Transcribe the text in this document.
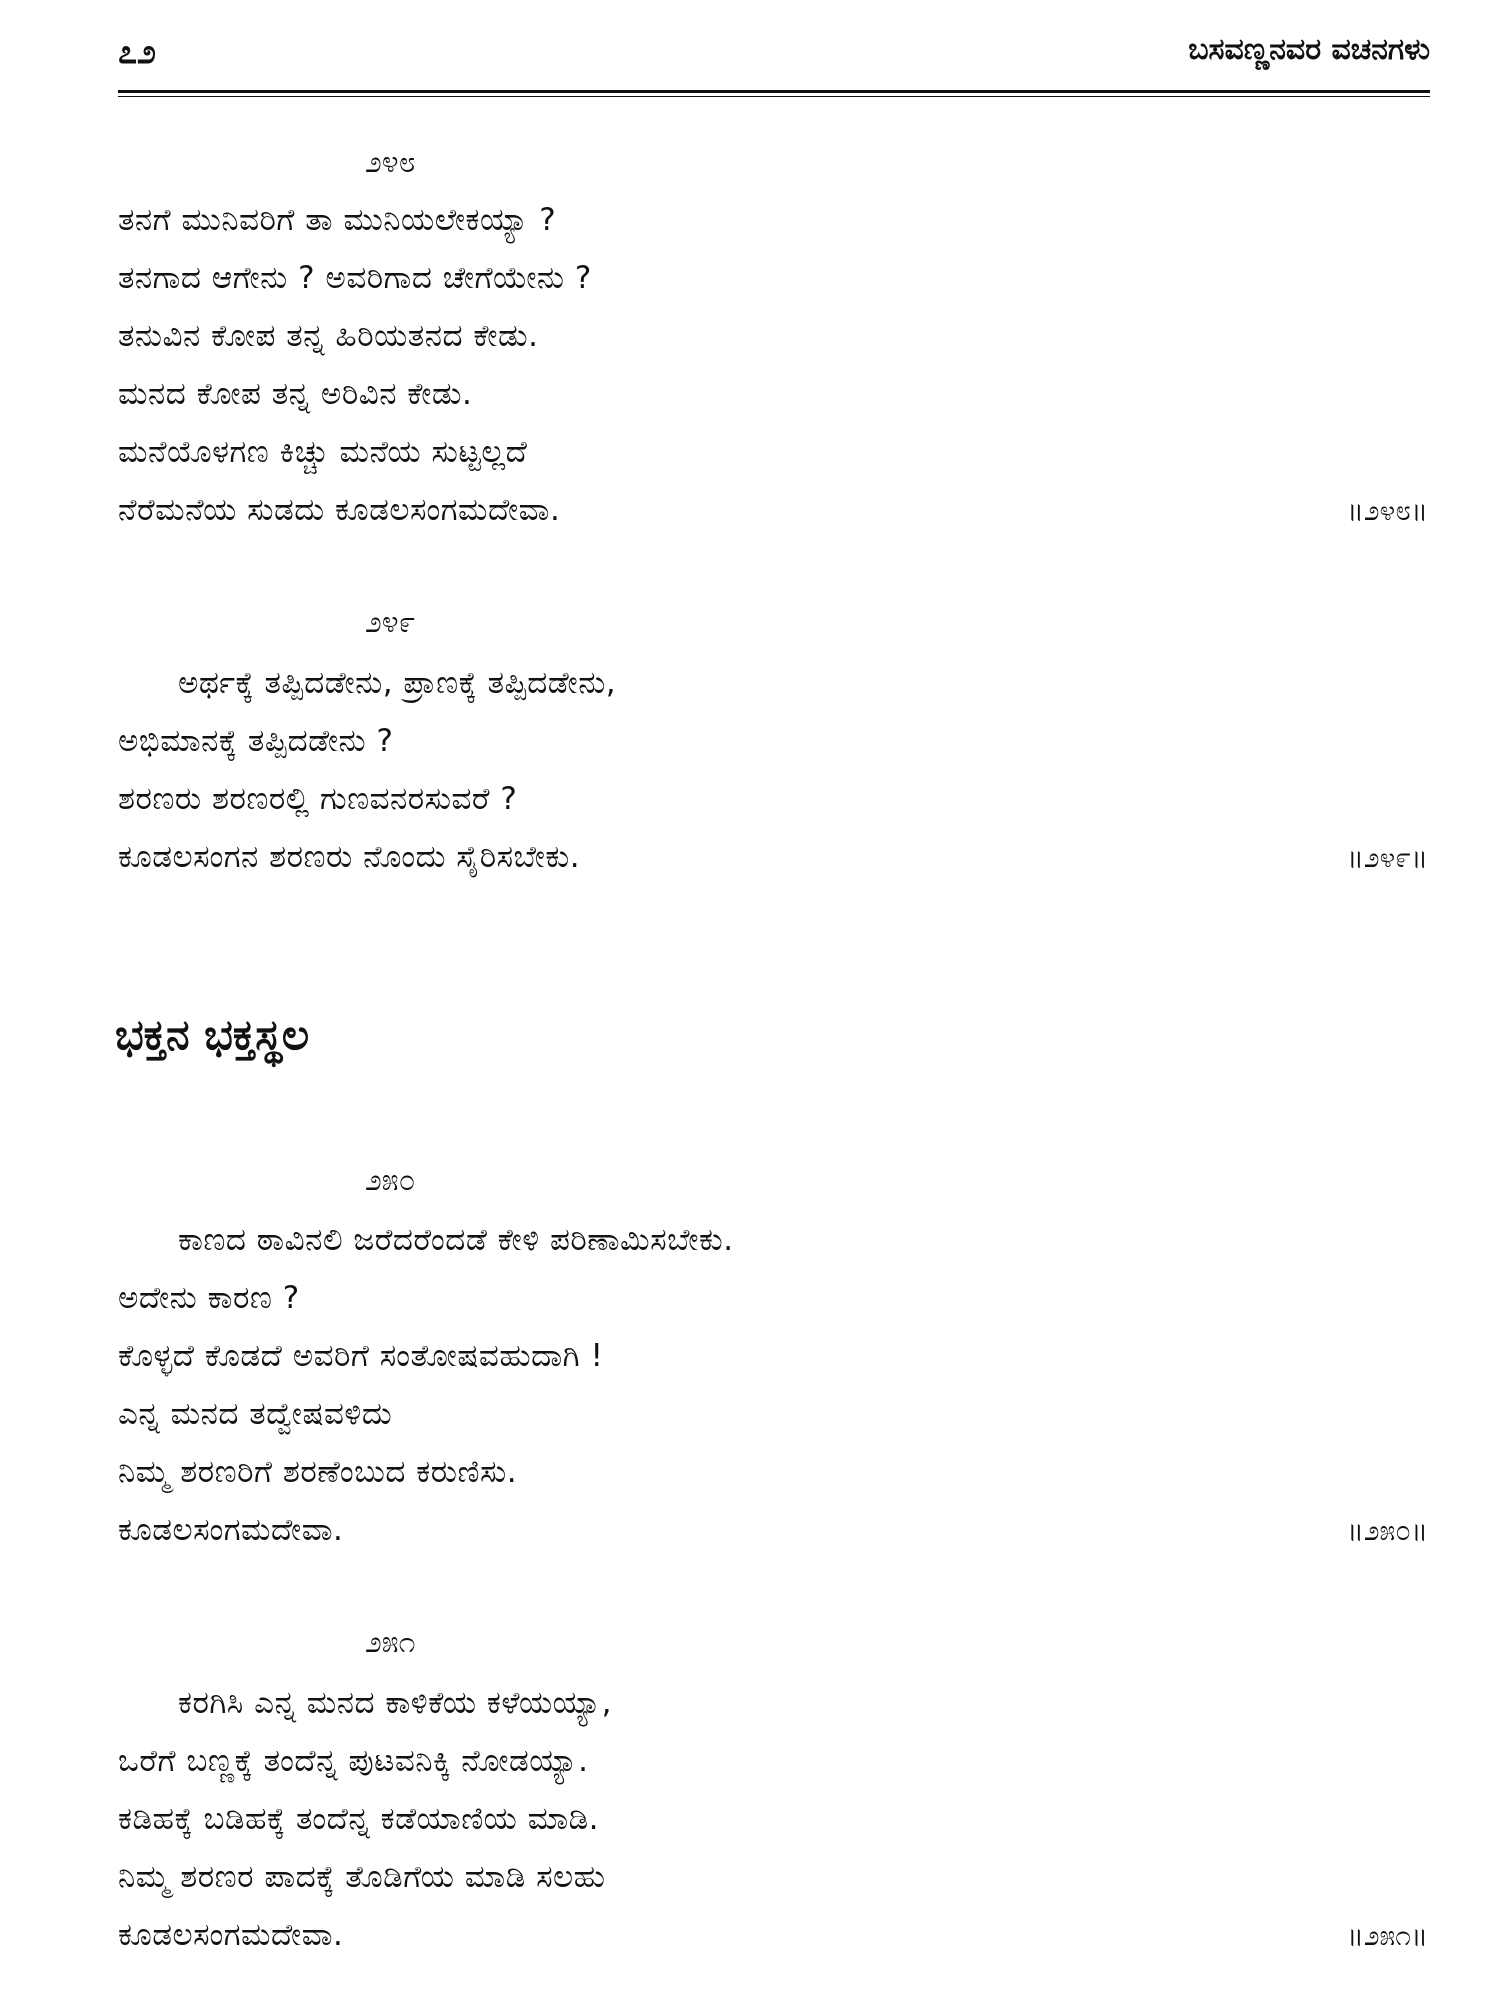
೭೨	ಬಸವಣ್ಣನವರ ವಚನಗಳು
೨೪೮
ತನಗೆ ಮುನಿವರಿಗೆ ತಾ ಮುನಿಯಲೇಕಯ್ಯಾ ?
ತನಗಾದ ಆಗೇನು ? ಅವರಿಗಾದ ಚೇಗೆಯೇನು ?
ತನುವಿನ ಕೋಪ ತನ್ನ ಹಿರಿಯತನದ ಕೇಡು.
ಮನದ ಕೋಪ ತನ್ನ ಅರಿವಿನ ಕೇಡು.
ಮನೆಯೊಳಗಣ ಕಿಚ್ಚು ಮನೆಯ ಸುಟ್ಟಲ್ಲದೆ
ನೆರೆಮನೆಯ ಸುಡದು ಕೂಡಲಸಂಗಮದೇವಾ.	॥೨೪೮॥
೨೪೯
ಅರ್ಥಕ್ಕೆ ತಪ್ಪಿದಡೇನು, ಪ್ರಾಣಕ್ಕೆ ತಪ್ಪಿದಡೇನು,
ಅಭಿಮಾನಕ್ಕೆ ತಪ್ಪಿದಡೇನು ?
ಶರಣರು ಶರಣರಲ್ಲಿ ಗುಣವನರಸುವರೆ ?
ಕೂಡಲಸಂಗನ ಶರಣರು ನೊಂದು ಸೈರಿಸಬೇಕು.	॥೨೪೯॥
ಭಕ್ತನ ಭಕ್ತಸ್ಥಲ
೨೫೦
ಕಾಣದ ಠಾವಿನಲಿ ಜರೆದರೆಂದಡೆ ಕೇಳಿ ಪರಿಣಾಮಿಸಬೇಕು.
ಅದೇನು ಕಾರಣ ?
ಕೊಳ್ಳದೆ ಕೊಡದೆ ಅವರಿಗೆ ಸಂತೋಷವಹುದಾಗಿ !
ಎನ್ನ ಮನದ ತದ್ವೇಷವಳಿದು
ನಿಮ್ಮ ಶರಣರಿಗೆ ಶರಣೆಂಬುದ ಕರುಣಿಸು.
ಕೂಡಲಸಂಗಮದೇವಾ.	॥೨೫೦॥
೨೫೧
ಕರಗಿಸಿ ಎನ್ನ ಮನದ ಕಾಳಿಕೆಯ ಕಳೆಯಯ್ಯಾ,
ಒರೆಗೆ ಬಣ್ಣಕ್ಕೆ ತಂದೆನ್ನ ಪುಟವನಿಕ್ಕಿ ನೋಡಯ್ಯಾ.
ಕಡಿಹಕ್ಕೆ ಬಡಿಹಕ್ಕೆ ತಂದೆನ್ನ ಕಡೆಯಾಣಿಯ ಮಾಡಿ.
ನಿಮ್ಮ ಶರಣರ ಪಾದಕ್ಕೆ ತೊಡಿಗೆಯ ಮಾಡಿ ಸಲಹು
ಕೂಡಲಸಂಗಮದೇವಾ.	॥೨೫೧॥
